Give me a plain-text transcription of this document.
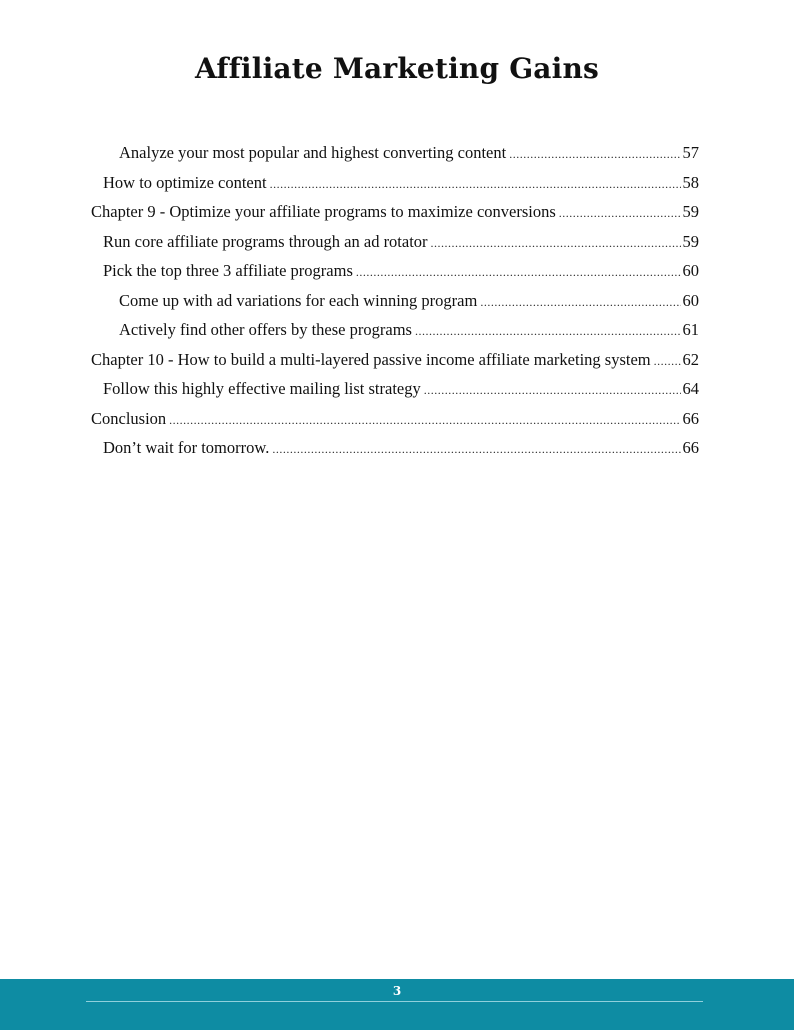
Affiliate Marketing Gains
Analyze your most popular and highest converting content .....	57
How to optimize content .....	58
Chapter 9 - Optimize your affiliate programs to maximize conversions .....	59
Run core affiliate programs through an ad rotator .....	59
Pick the top three 3 affiliate programs .....	60
Come up with ad variations for each winning program .....	60
Actively find other offers by these programs .....	61
Chapter 10 - How to build a multi-layered passive income affiliate marketing system ..... 62
Follow this highly effective mailing list strategy .....	64
Conclusion .....	66
Don’t wait for tomorrow. .....	66
3
